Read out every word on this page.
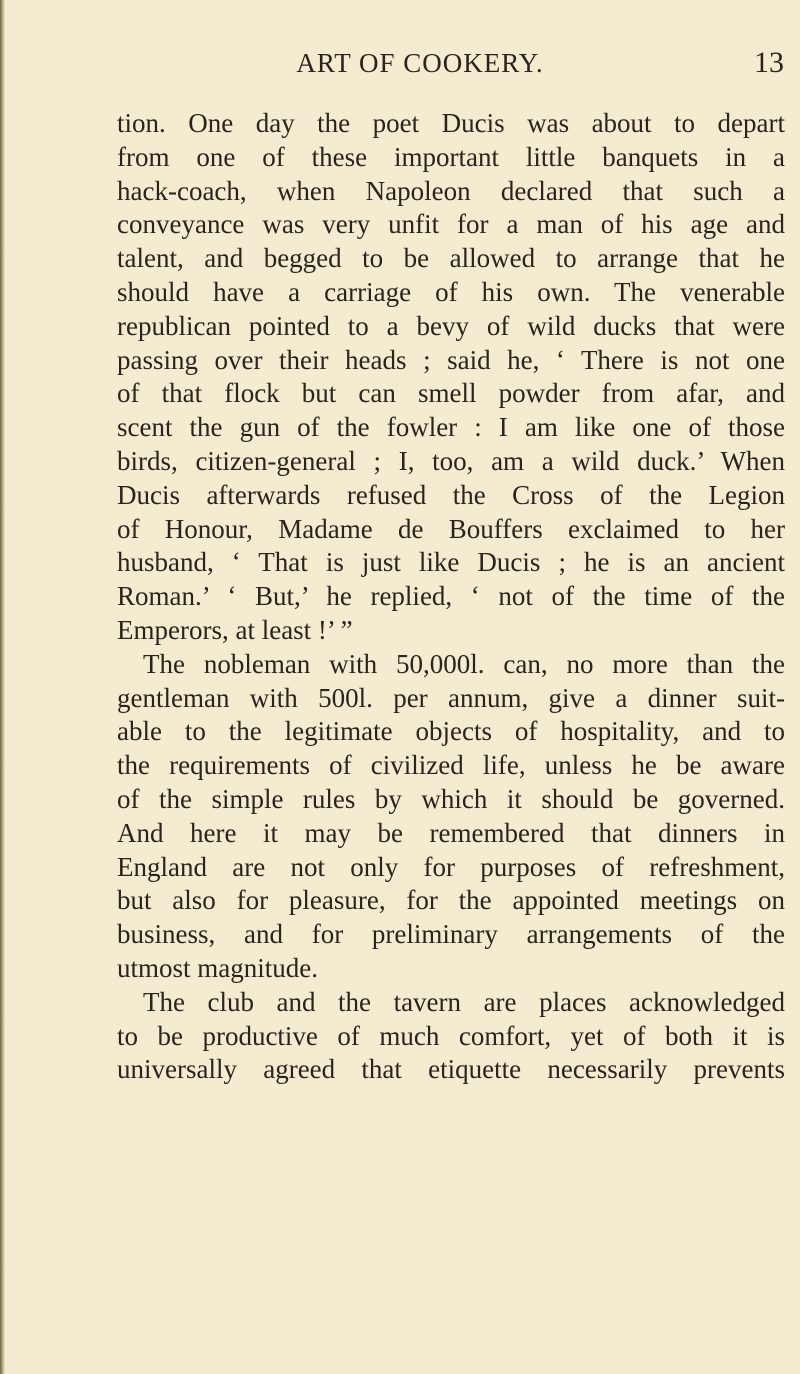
ART OF COOKERY.	13
tion. One day the poet Ducis was about to depart
from one of these important little banquets in a
hack-coach, when Napoleon declared that such a
conveyance was very unfit for a man of his age and
talent, and begged to be allowed to arrange that he
should have a carriage of his own. The venerable
republican pointed to a bevy of wild ducks that were
passing over their heads ; said he, ‘ There is not one
of that flock but can smell powder from afar, and
scent the gun of the fowler : I am like one of those
birds, citizen-general ; I, too, am a wild duck.’ When
Ducis afterwards refused the Cross of the Legion
of Honour, Madame de Bouffers exclaimed to her
husband, ‘ That is just like Ducis ; he is an ancient
Roman.’ ‘ But,’ he replied, ‘ not of the time of the
Emperors, at least !’ ”
The nobleman with 50,000l. can, no more than the
gentleman with 500l. per annum, give a dinner suit-
able to the legitimate objects of hospitality, and to
the requirements of civilized life, unless he be aware
of the simple rules by which it should be governed.
And here it may be remembered that dinners in
England are not only for purposes of refreshment,
but also for pleasure, for the appointed meetings on
business, and for preliminary arrangements of the
utmost magnitude.
The club and the tavern are places acknowledged
to be productive of much comfort, yet of both it is
universally agreed that etiquette necessarily prevents
